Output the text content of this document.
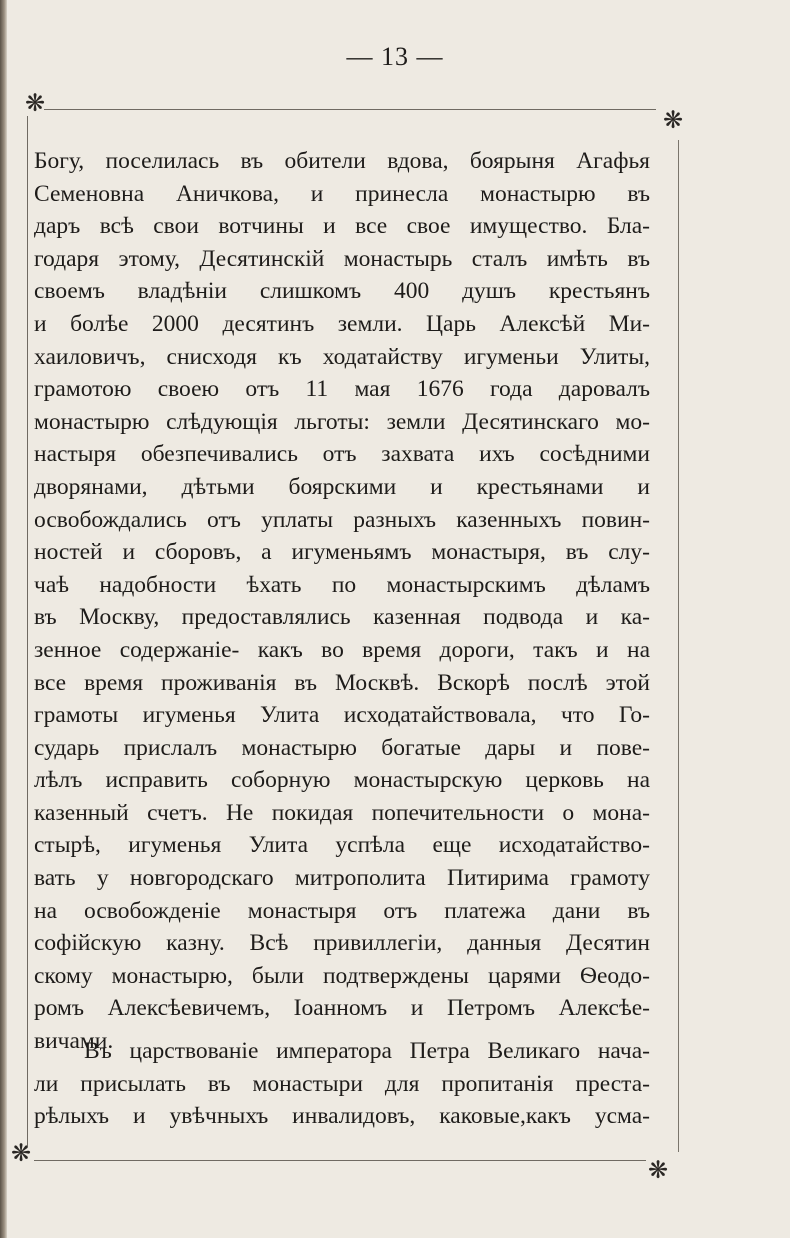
— 13 —
❋
❋
❋
❋
Богу, поселилась въ обители вдова, боярыня Агафья
Семеновна Аничкова, и принесла монастырю въ
даръ всѣ свои вотчины и все свое имущество. Бла-
годаря этому, Десятинскій монастырь сталъ имѣть въ
своемъ владѣніи слишкомъ 400 душъ крестьянъ
и болѣе 2000 десятинъ земли. Царь Алексѣй Ми-
хаиловичъ, снисходя къ ходатайству игуменьи Улиты,
грамотою своею отъ 11 мая 1676 года даровалъ
монастырю слѣдующія льготы: земли Десятинскаго мо-
настыря обезпечивались отъ захвата ихъ сосѣдними
дворянами, дѣтьми боярскими и крестьянами и
освобождались отъ уплаты разныхъ казенныхъ повин-
ностей и сборовъ, а игуменьямъ монастыря, въ слу-
чаѣ надобности ѣхать по монастырскимъ дѣламъ
въ Москву, предоставлялись казенная подвода и ка-
зенное содержаніе- какъ во время дороги, такъ и на
все время проживанія въ Москвѣ. Вскорѣ послѣ этой
грамоты игуменья Улита исходатайствовала, что Го-
сударь прислалъ монастырю богатые дары и пове-
лѣлъ исправить соборную монастырскую церковь на
казенный счетъ. Не покидая попечительности о мона-
стырѣ, игуменья Улита успѣла еще исходатайство-
вать у новгородскаго митрополита Питирима грамоту
на освобожденіе монастыря отъ платежа дани въ
софійскую казну. Всѣ привиллегіи, данныя Десятин
скому монастырю, были подтверждены царями Ѳеодо-
ромъ Алексѣевичемъ, Іоанномъ и Петромъ Алексѣе-
вичами.
Въ царствованіе императора Петра Великаго нача-
ли присылать въ монастыри для пропитанія преста-
рѣлыхъ и увѣчныхъ инвалидовъ, каковые,какъ усма-
